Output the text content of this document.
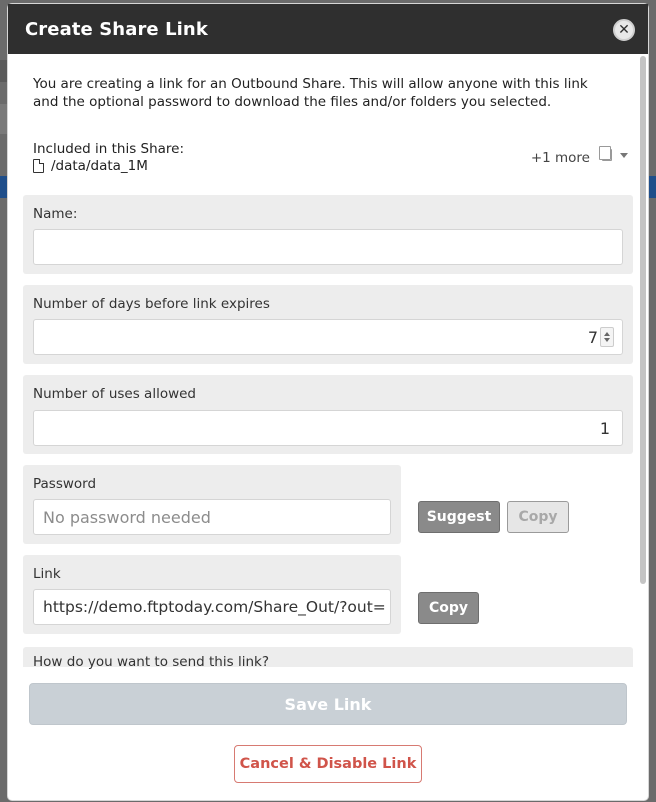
Create Share Link	✕
You are creating a link for an Outbound Share. This will allow anyone with this link and the optional password to download the files and/or folders you selected.
Included in this Share:
/data/data_1M	+1 more
Name:
Number of days before link expires
7
Number of uses allowed
1
Password
No password needed	Suggest	Copy
Link
https://demo.ftptoday.com/Share_Out/?out=	Copy
How do you want to send this link?
Save Link
Cancel & Disable Link
